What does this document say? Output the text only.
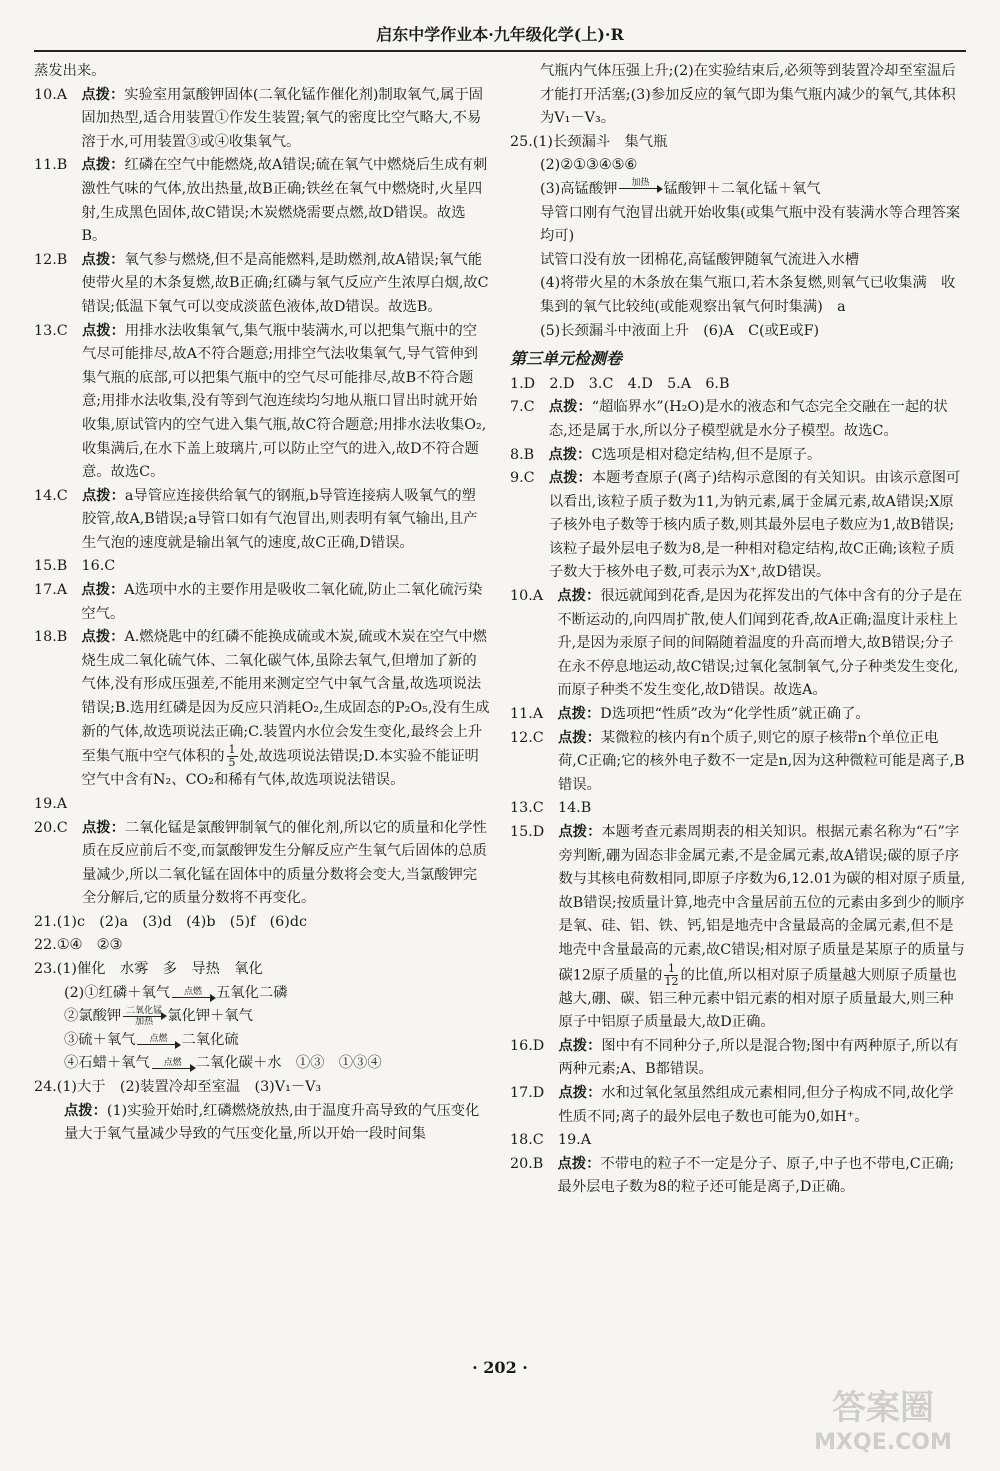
启东中学作业本·九年级化学(上)·R
蒸发出来。
10.A　 点拨：实验室用氯酸钾固体(二氧化锰作催化剂)制取氧气,属于固固加热型,适合用装置①作发生装置;氧气的密度比空气略大,不易溶于水,可用装置③或④收集氧气。
11.B　 点拨：红磷在空气中能燃烧,故A错误;硫在氧气中燃烧后生成有刺激性气味的气体,放出热量,故B正确;铁丝在氧气中燃烧时,火星四射,生成黑色固体,故C错误;木炭燃烧需要点燃,故D错误。故选B。
12.B　 点拨：氧气参与燃烧,但不是高能燃料,是助燃剂,故A错误;氧气能使带火星的木条复燃,故B正确;红磷与氧气反应产生浓厚白烟,故C错误;低温下氧气可以变成淡蓝色液体,故D错误。故选B。
13.C　 点拨：用排水法收集氧气,集气瓶中装满水,可以把集气瓶中的空气尽可能排尽,故A不符合题意;用排空气法收集氧气,导气管伸到集气瓶的底部,可以把集气瓶中的空气尽可能排尽,故B不符合题意;用排水法收集,没有等到气泡连续均匀地从瓶口冒出时就开始收集,原试管内的空气进入集气瓶,故C符合题意;用排水法收集O₂,收集满后,在水下盖上玻璃片,可以防止空气的进入,故D不符合题意。故选C。
14.C　 点拨：a导管应连接供给氧气的钢瓶,b导管连接病人吸氧气的塑胶管,故A,B错误;a导管口如有气泡冒出,则表明有氧气输出,且产生气泡的速度就是输出氧气的速度,故C正确,D错误。
15.B　16.C
17.A　 点拨：A选项中水的主要作用是吸收二氧化硫,防止二氧化硫污染空气。
18.B　 点拨：A.燃烧匙中的红磷不能换成硫或木炭,硫或木炭在空气中燃烧生成二氧化硫气体、二氧化碳气体,虽除去氧气,但增加了新的气体,没有形成压强差,不能用来测定空气中氧气含量,故选项说法错误;B.选用红磷是因为反应只消耗O₂,生成固态的P₂O₅,没有生成新的气体,故选项说法正确;C.装置内水位会发生变化,最终会上升至集气瓶中空气体积的 $\frac{1}{5}$ 处,故选项说法错误;D.本实验不能证明空气中含有N₂、CO₂和稀有气体,故选项说法错误。
19.A
20.C　 点拨：二氧化锰是氯酸钾制氧气的催化剂,所以它的质量和化学性质在反应前后不变,而氯酸钾发生分解反应产生氧气后固体的总质量减少,所以二氧化锰在固体中的质量分数将会变大,当氯酸钾完全分解后,它的质量分数将不再变化。
21.(1)c　(2)a　(3)d　(4)b　(5)f　(6)dc
22.①④　②③
23.(1)催化　水雾　多　导热　氧化
(2)①红磷＋氧气	点燃 五氧化二磷
②氯酸钾 二氧化锰
加热 氯化钾＋氧气
③硫＋氧气	点燃 二氧化硫
④石蜡＋氧气	点燃 二氧化碳＋水　①③　①③④
24.(1)大于　(2)装置冷却至室温　(3)V₁－V₃
点拨：(1)实验开始时,红磷燃烧放热,由于温度升高导致的气压变化量大于氧气量减少导致的气压变化量,所以开始一段时间集
气瓶内气体压强上升;(2)在实验结束后,必须等到装置冷却至室温后才能打开活塞;(3)参加反应的氧气即为集气瓶内减少的氧气,其体积为V₁－V₃。
25.(1)长颈漏斗　集气瓶
(2)②①③④⑤⑥
(3)高锰酸钾	加热
锰酸钾＋二氧化锰＋氧气
导管口刚有气泡冒出就开始收集(或集气瓶中没有装满水等合理答案均可)
试管口没有放一团棉花,高锰酸钾随氧气流进入水槽
(4)将带火星的木条放在集气瓶口,若木条复燃,则氧气已收集满　收集到的氧气比较纯(或能观察出氧气何时集满)　a
(5)长颈漏斗中液面上升　(6)A　C(或E或F)
第三单元检测卷
1.D　2.D　3.C　4.D　5.A　6.B
7.C　 点拨：“超临界水”(H₂O)是水的液态和气态完全交融在一起的状态,还是属于水,所以分子模型就是水分子模型。故选C。
8.B　 点拨：C选项是相对稳定结构,但不是原子。
9.C　 点拨：本题考查原子(离子)结构示意图的有关知识。由该示意图可以看出,该粒子质子数为11,为钠元素,属于金属元素,故A错误;X原子核外电子数等于核内质子数,则其最外层电子数应为1,故B错误;该粒子最外层电子数为8,是一种相对稳定结构,故C正确;该粒子质子数大于核外电子数,可表示为X⁺,故D错误。
10.A　 点拨：很远就闻到花香,是因为花挥发出的气体中含有的分子是在不断运动的,向四周扩散,使人们闻到花香,故A正确;温度计汞柱上升,是因为汞原子间的间隔随着温度的升高而增大,故B错误;分子在永不停息地运动,故C错误;过氧化氢制氧气,分子种类发生变化,而原子种类不发生变化,故D错误。故选A。
11.A　 点拨：D选项把“性质”改为“化学性质”就正确了。
12.C　 点拨：某微粒的核内有n个质子,则它的原子核带n个单位正电荷,C正确;它的核外电子数不一定是n,因为这种微粒可能是离子,B错误。
13.C　14.B
15.D　 点拨：本题考查元素周期表的相关知识。根据元素名称为“石”字旁判断,硼为固态非金属元素,不是金属元素,故A错误;碳的原子序数与其核电荷数相同,即原子序数为6,12.01为碳的相对原子质量,故B错误;按质量计算,地壳中含量居前五位的元素由多到少的顺序是氧、硅、铝、铁、钙,铝是地壳中含量最高的金属元素,但不是地壳中含量最高的元素,故C错误;相对原子质量是某原子的质量与碳12原子质量的 $\frac{1}{12}$ 的比值,所以相对原子质量越大则原子质量也越大,硼、碳、铝三种元素中铝元素的相对原子质量最大,则三种原子中铝原子质量最大,故D正确。
16.D　 点拨：图中有不同种分子,所以是混合物;图中有两种原子,所以有两种元素;A、B都错误。
17.D　 点拨：水和过氧化氢虽然组成元素相同,但分子构成不同,故化学性质不同;离子的最外层电子数也可能为0,如H⁺。
18.C　19.A
20.B　 点拨：不带电的粒子不一定是分子、原子,中子也不带电,C正确;最外层电子数为8的粒子还可能是离子,D正确。
· 202 ·
答案圈
MXQE.COM
